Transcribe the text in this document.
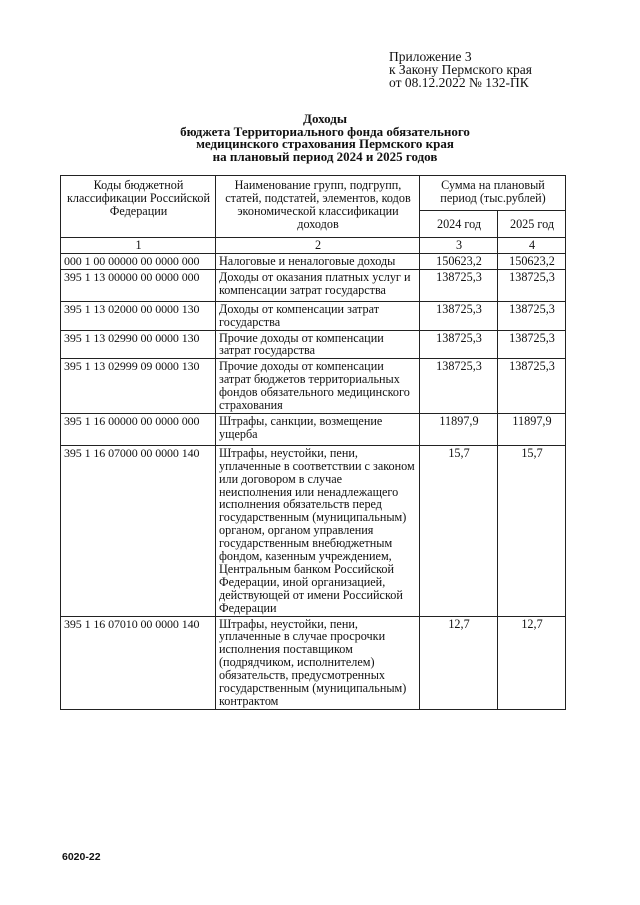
Приложение 3
к Закону Пермского края
от 08.12.2022 № 132-ПК
Доходы
бюджета Территориального фонда обязательного
медицинского страхования Пермского края
на плановый период 2024 и 2025 годов
Коды бюджетной классификации Российской Федерации	Наименование групп, подгрупп, статей, подстатей, элементов, кодов экономической классификации доходов	Сумма на плановый период (тыс.рублей)	
		2024 год	2025 год
1	2	3	4
000 1 00 00000 00 0000 000	Налоговые и неналоговые доходы	150623,2	150623,2
395 1 13 00000 00 0000 000	Доходы от оказания платных услуг и компенсации затрат государства	138725,3	138725,3
395 1 13 02000 00 0000 130	Доходы от компенсации затрат государства	138725,3	138725,3
395 1 13 02990 00 0000 130	Прочие доходы от компенсации затрат государства	138725,3	138725,3
395 1 13 02999 09 0000 130	Прочие доходы от компенсации затрат бюджетов территориальных фондов обязательного медицинского страхования	138725,3	138725,3
395 1 16 00000 00 0000 000	Штрафы, санкции, возмещение ущерба	11897,9	11897,9
395 1 16 07000 00 0000 140	Штрафы, неустойки, пени, уплаченные в соответствии с законом или договором в случае неисполнения или ненадлежащего исполнения обязательств перед государственным (муниципальным) органом, органом управления государственным внебюджетным фондом, казенным учреждением, Центральным банком Российской Федерации, иной организацией, действующей от имени Российской Федерации	15,7	15,7
395 1 16 07010 00 0000 140	Штрафы, неустойки, пени, уплаченные в случае просрочки исполнения поставщиком (подрядчиком, исполнителем) обязательств, предусмотренных государственным (муниципальным) контрактом	12,7	12,7
6020-22
